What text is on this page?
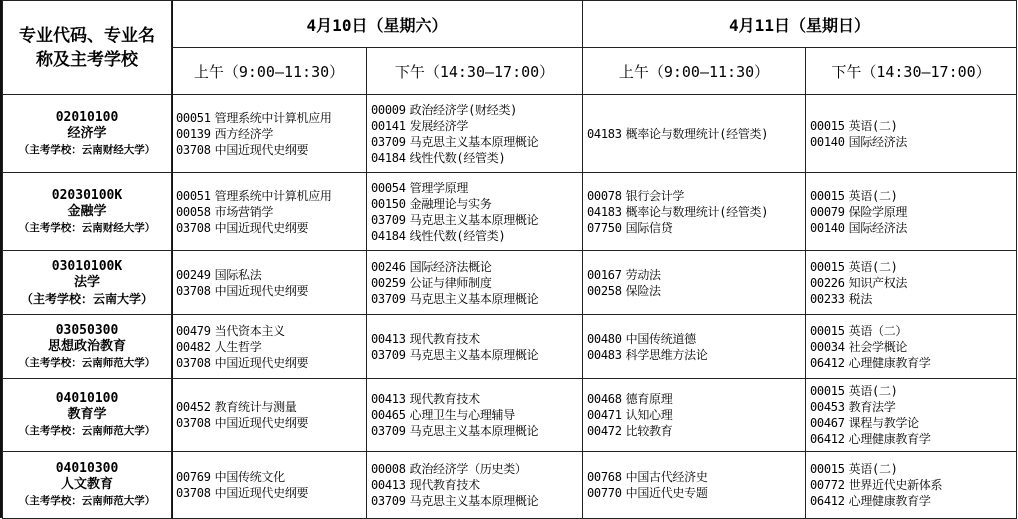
专业代码、专业名称及主考学校	4月10日（星期六）		4月11日（星期日）	
	上午（9:00—11:30）	下午（14:30—17:00）	上午（9:00—11:30）	下午（14:30—17:00）

02010100
经济学
（主考学校：云南财经大学）	00051 管理系统中计算机应用
00139 西方经济学
03708 中国近现代史纲要	00009 政治经济学(财经类)
00141 发展经济学
03709 马克思主义基本原理概论
04184 线性代数(经管类)	04183 概率论与数理统计(经管类)	00015 英语(二)
00140 国际经济法

02030100K
金融学
（主考学校：云南财经大学）	00051 管理系统中计算机应用
00058 市场营销学
03708 中国近现代史纲要	00054 管理学原理
00150 金融理论与实务
03709 马克思主义基本原理概论
04184 线性代数(经管类)	00078 银行会计学
04183 概率论与数理统计(经管类)
07750 国际信贷	00015 英语(二)
00079 保险学原理
00140 国际经济法

03010100K
法学
（主考学校：云南大学）	00249 国际私法
03708 中国近现代史纲要	00246 国际经济法概论
00259 公证与律师制度
03709 马克思主义基本原理概论	00167 劳动法
00258 保险法	00015 英语(二)
00226 知识产权法
00233 税法

03050300
思想政治教育
（主考学校：云南师范大学）	00479 当代资本主义
00482 人生哲学
03708 中国近现代史纲要	00413 现代教育技术
03709 马克思主义基本原理概论	00480 中国传统道德
00483 科学思维方法论	00015 英语（二）
00034 社会学概论
06412 心理健康教育学

04010100
教育学
（主考学校：云南师范大学）	00452 教育统计与测量
03708 中国近现代史纲要	00413 现代教育技术
00465 心理卫生与心理辅导
03709 马克思主义基本原理概论	00468 德育原理
00471 认知心理
00472 比较教育	00015 英语(二)
00453 教育法学
00467 课程与教学论
06412 心理健康教育学

04010300
人文教育
（主考学校：云南师范大学）	00769 中国传统文化
03708 中国近现代史纲要	00008 政治经济学（历史类）
00413 现代教育技术
03709 马克思主义基本原理概论	00768 中国古代经济史
00770 中国近代史专题	00015 英语(二)
00772 世界近代史新体系
06412 心理健康教育学
